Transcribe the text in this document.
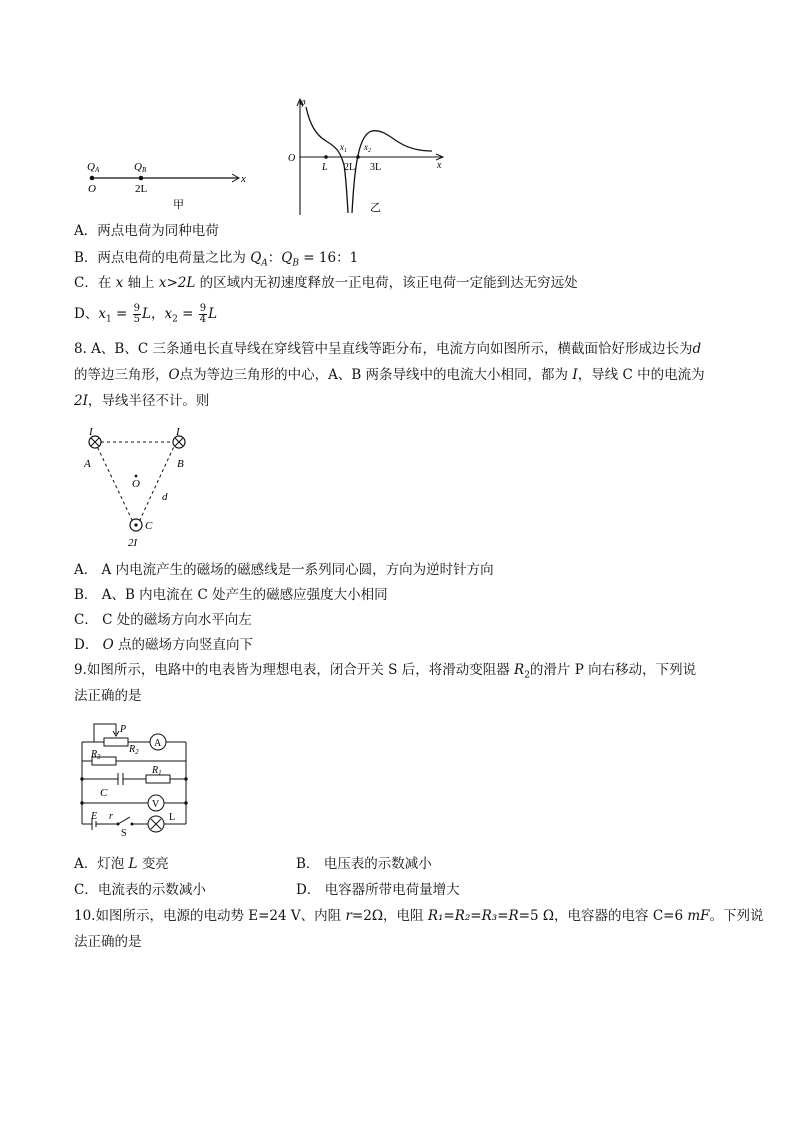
QA	QB
O	2L
x
甲
φ
O
x
L 2L 3L
$x_1$ $x_2$
乙
A．两点电荷为同种电荷
B．两点电荷的电荷量之比为 $Q_A$：$Q_B = 16$：1
C．在 x 轴上 x>2L 的区域内无初速度释放一正电荷，该正电荷一定能到达无穷远处
D、$x_1 = \frac{9}{5}$ L，$x_2 = \frac{9}{4}$ L
8. A、B、C 三条通电长直导线在穿线管中呈直线等距分布，电流方向如图所示，横截面恰好形成边长为d
的等边三角形，O点为等边三角形的中心，A、B 两条导线中的电流大小相同，都为 I，导线 C 中的电流为
2I，导线半径不计。则
I	I
A	B
O
d
C
2I
A． A 内电流产生的磁场的磁感线是一系列同心圆，方向为逆时针方向
B． A、B 内电流在 C 处产生的磁感应强度大小相同
C． C 处的磁场方向水平向左
D． O 点的磁场方向竖直向下
9.如图所示，电路中的电表皆为理想电表，闭合开关 S 后，将滑动变阻器 $R_2$的滑片 P 向右移动，下列说
法正确的是
A
V
P
$R_3$
$R_2$
$R_1$
C
E r
S
L
A．灯泡 L 变亮	B． 电压表的示数减小
C．电流表的示数减小	D． 电容器所带电荷量增大
10.如图所示，电源的电动势 E=24 V、内阻 r=2Ω，电阻 R₁=R₂=R₃=R=5 Ω，电容器的电容 C=6 mF。下列说
法正确的是
